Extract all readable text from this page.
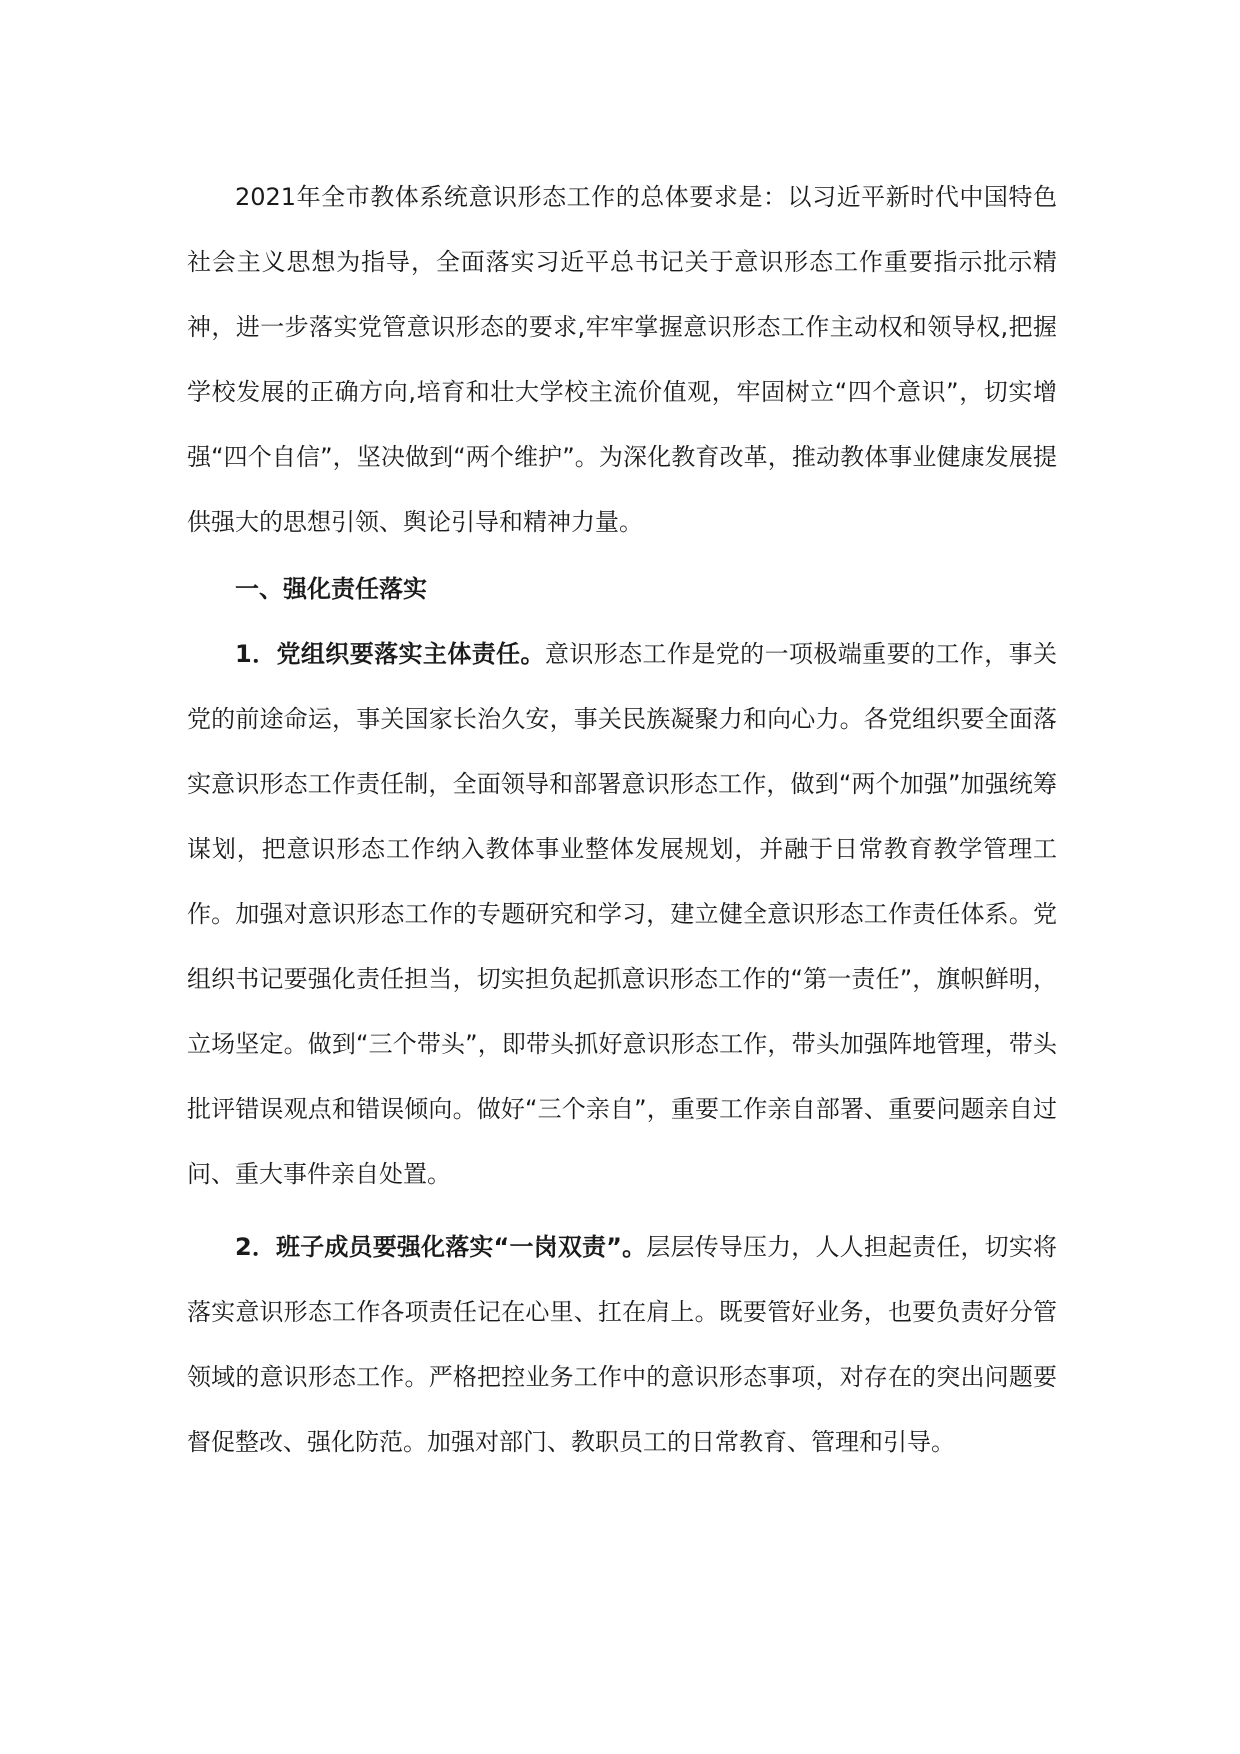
2021年全市教体系统意识形态工作的总体要求是：以习近平新时代中国特色社会主义思想为指导，全面落实习近平总书记关于意识形态工作重要指示批示精神，进一步落实党管意识形态的要求,牢牢掌握意识形态工作主动权和领导权,把握学校发展的正确方向,培育和壮大学校主流价值观，牢固树立“四个意识”，切实增强“四个自信”，坚决做到“两个维护”。为深化教育改革，推动教体事业健康发展提供强大的思想引领、舆论引导和精神力量。

一、强化责任落实

1．党组织要落实主体责任。意识形态工作是党的一项极端重要的工作，事关党的前途命运，事关国家长治久安，事关民族凝聚力和向心力。各党组织要全面落实意识形态工作责任制，全面领导和部署意识形态工作，做到“两个加强”加强统筹谋划，把意识形态工作纳入教体事业整体发展规划，并融于日常教育教学管理工作。加强对意识形态工作的专题研究和学习，建立健全意识形态工作责任体系。党组织书记要强化责任担当，切实担负起抓意识形态工作的“第一责任”，旗帜鲜明，立场坚定。做到“三个带头”，即带头抓好意识形态工作，带头加强阵地管理，带头批评错误观点和错误倾向。做好“三个亲自”，重要工作亲自部署、重要问题亲自过问、重大事件亲自处置。

2．班子成员要强化落实“一岗双责”。层层传导压力，人人担起责任，切实将落实意识形态工作各项责任记在心里、扛在肩上。既要管好业务，也要负责好分管领域的意识形态工作。严格把控业务工作中的意识形态事项，对存在的突出问题要督促整改、强化防范。加强对部门、教职员工的日常教育、管理和引导。
